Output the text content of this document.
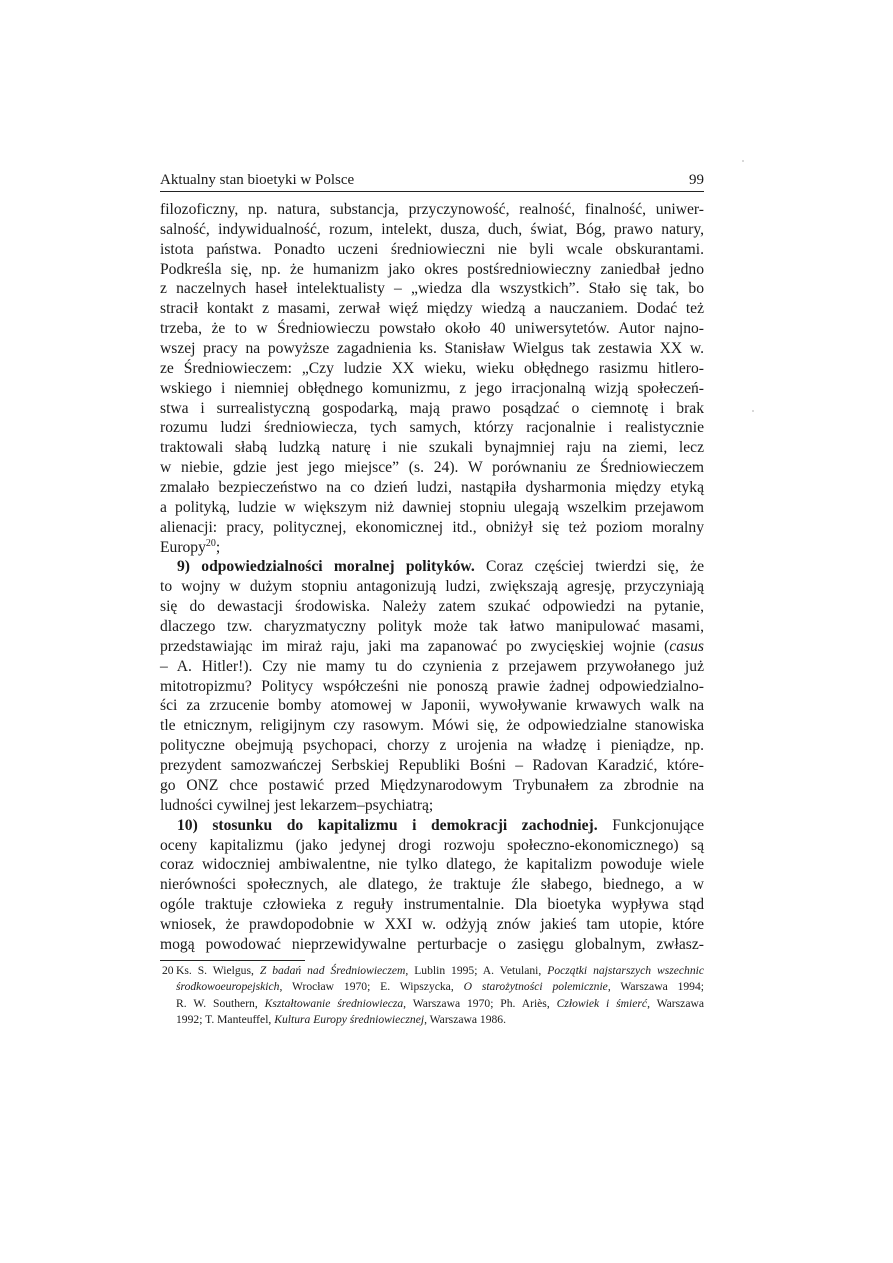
Aktualny stan bioetyki w Polsce	99
filozoficzny, np. natura, substancja, przyczynowość, realność, finalność, uniwer-
salność, indywidualność, rozum, intelekt, dusza, duch, świat, Bóg, prawo natury,
istota państwa. Ponadto uczeni średniowieczni nie byli wcale obskurantami.
Podkreśla się, np. że humanizm jako okres postśredniowieczny zaniedbał jedno
z naczelnych haseł intelektualisty – „wiedza dla wszystkich”. Stało się tak, bo
stracił kontakt z masami, zerwał więź między wiedzą a nauczaniem. Dodać też
trzeba, że to w Średniowieczu powstało około 40 uniwersytetów. Autor najno-
wszej pracy na powyższe zagadnienia ks. Stanisław Wielgus tak zestawia XX w.
ze Średniowieczem: „Czy ludzie XX wieku, wieku obłędnego rasizmu hitlero-
wskiego i niemniej obłędnego komunizmu, z jego irracjonalną wizją społeczeń-
stwa i surrealistyczną gospodarką, mają prawo posądzać o ciemnotę i brak
rozumu ludzi średniowiecza, tych samych, którzy racjonalnie i realistycznie
traktowali słabą ludzką naturę i nie szukali bynajmniej raju na ziemi, lecz
w niebie, gdzie jest jego miejsce” (s. 24). W porównaniu ze Średniowieczem
zmalało bezpieczeństwo na co dzień ludzi, nastąpiła dysharmonia między etyką
a polityką, ludzie w większym niż dawniej stopniu ulegają wszelkim przejawom
alienacji: pracy, politycznej, ekonomicznej itd., obniżył się też poziom moralny
Europy$^{20}$;
9) odpowiedzialności moralnej polityków. Coraz częściej twierdzi się, że
to wojny w dużym stopniu antagonizują ludzi, zwiększają agresję, przyczyniają
się do dewastacji środowiska. Należy zatem szukać odpowiedzi na pytanie,
dlaczego tzw. charyzmatyczny polityk może tak łatwo manipulować masami,
przedstawiając im miraż raju, jaki ma zapanować po zwycięskiej wojnie (casus
– A. Hitler!). Czy nie mamy tu do czynienia z przejawem przywołanego już
mitotropizmu? Politycy współcześni nie ponoszą prawie żadnej odpowiedzialno-
ści za zrzucenie bomby atomowej w Japonii, wywoływanie krwawych walk na
tle etnicznym, religijnym czy rasowym. Mówi się, że odpowiedzialne stanowiska
polityczne obejmują psychopaci, chorzy z urojenia na władzę i pieniądze, np.
prezydent samozwańczej Serbskiej Republiki Bośni – Radovan Karadzić, które-
go ONZ chce postawić przed Międzynarodowym Trybunałem za zbrodnie na
ludności cywilnej jest lekarzem–psychiatrą;
10) stosunku do kapitalizmu i demokracji zachodniej. Funkcjonujące
oceny kapitalizmu (jako jedynej drogi rozwoju społeczno-ekonomicznego) są
coraz widoczniej ambiwalentne, nie tylko dlatego, że kapitalizm powoduje wiele
nierówności społecznych, ale dlatego, że traktuje źle słabego, biednego, a w
ogóle traktuje człowieka z reguły instrumentalnie. Dla bioetyka wypływa stąd
wniosek, że prawdopodobnie w XXI w. odżyją znów jakieś tam utopie, które
mogą powodować nieprzewidywalne perturbacje o zasięgu globalnym, zwłasz-
20 Ks. S. Wielgus, Z badań nad Średniowieczem, Lublin 1995; A. Vetulani, Początki najstarszych wszechnic
środkowoeuropejskich, Wrocław 1970; E. Wipszycka, O starożytności polemicznie, Warszawa 1994;
R. W. Southern, Kształtowanie średniowiecza, Warszawa 1970; Ph. Ariès, Człowiek i śmierć, Warszawa
1992; T. Manteuffel, Kultura Europy średniowiecznej, Warszawa 1986.
